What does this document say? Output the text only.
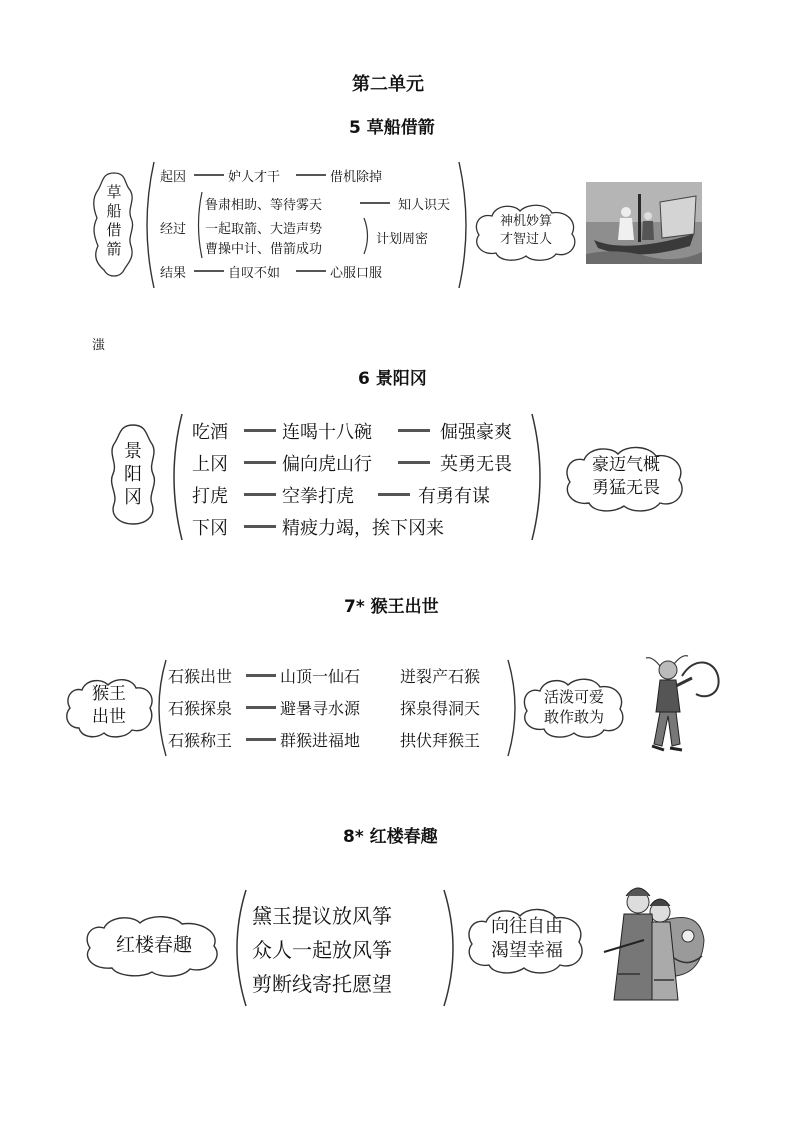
第二单元
5 草船借箭
草船借箭
起因	妒人才干	借机除掉
经过
鲁肃相助、等待雾天	知人识天
一起取箭、大造声势
曹操中计、借箭成功
计划周密
结果	自叹不如	心服口服
神机妙算
才智过人
滍
6 景阳冈
景阳冈
吃酒	连喝十八碗	倔强豪爽
上冈	偏向虎山行	英勇无畏
打虎	空拳打虎	有勇有谋
下冈	精疲力竭，挨下冈来
豪迈气概
勇猛无畏
7* 猴王出世
猴王
出世
石猴出世	山顶一仙石 迸裂产石猴
石猴探泉	避暑寻水源 探泉得洞天
石猴称王	群猴进福地 拱伏拜猴王
活泼可爱
敢作敢为
8* 红楼春趣
红楼春趣
黛玉提议放风筝
众人一起放风筝
剪断线寄托愿望
向往自由
渴望幸福
